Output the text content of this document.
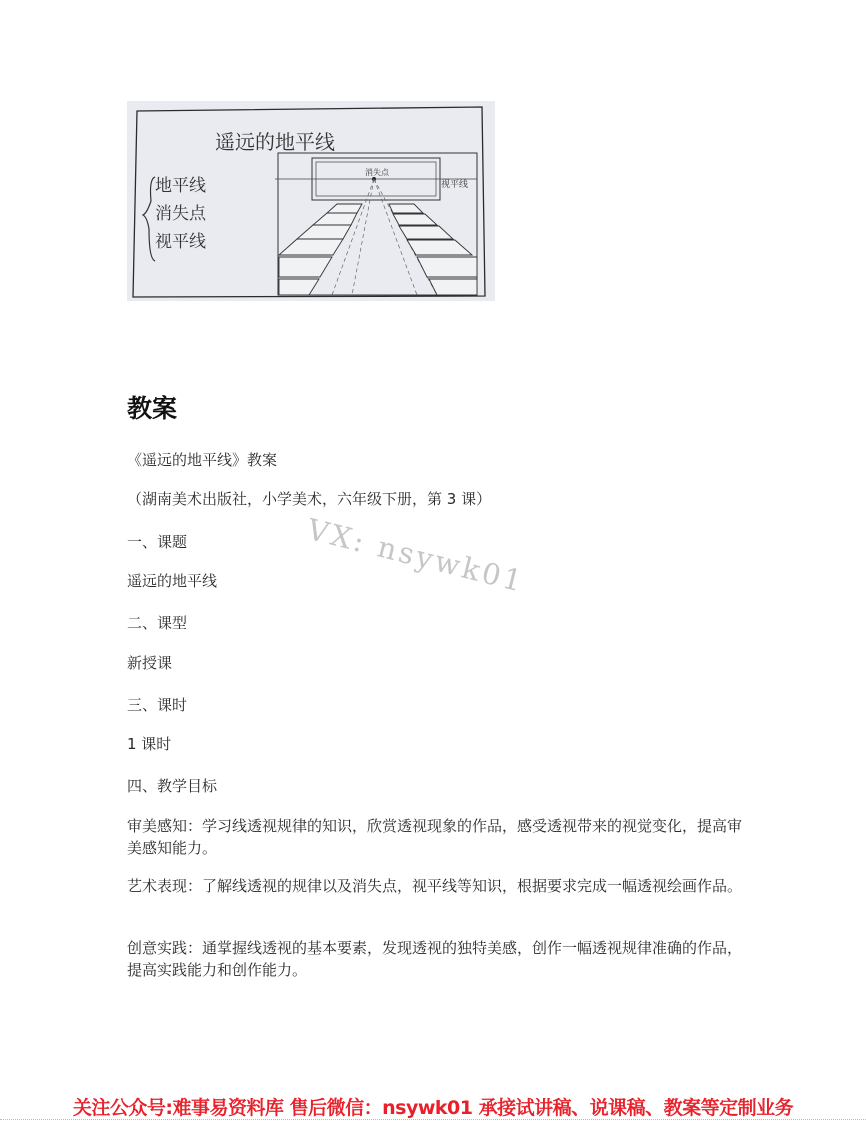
遥远的地平线
地平线
消失点
视平线
消失点
视平线
教案
《遥远的地平线》教案
（湖南美术出版社，小学美术，六年级下册，第 3 课）
一、课题
遥远的地平线
二、课型
新授课
三、课时
1 课时
四、教学目标
审美感知：学习线透视规律的知识，欣赏透视现象的作品，感受透视带来的视觉变化，提高审美感知能力。
艺术表现：了解线透视的规律以及消失点，视平线等知识，根据要求完成一幅透视绘画作品。
创意实践：通掌握线透视的基本要素，发现透视的独特美感，创作一幅透视规律准确的作品，提高实践能力和创作能力。
VX: nsywk01
关注公众号:难事易资料库 售后微信：nsywk01 承接试讲稿、说课稿、教案等定制业务
